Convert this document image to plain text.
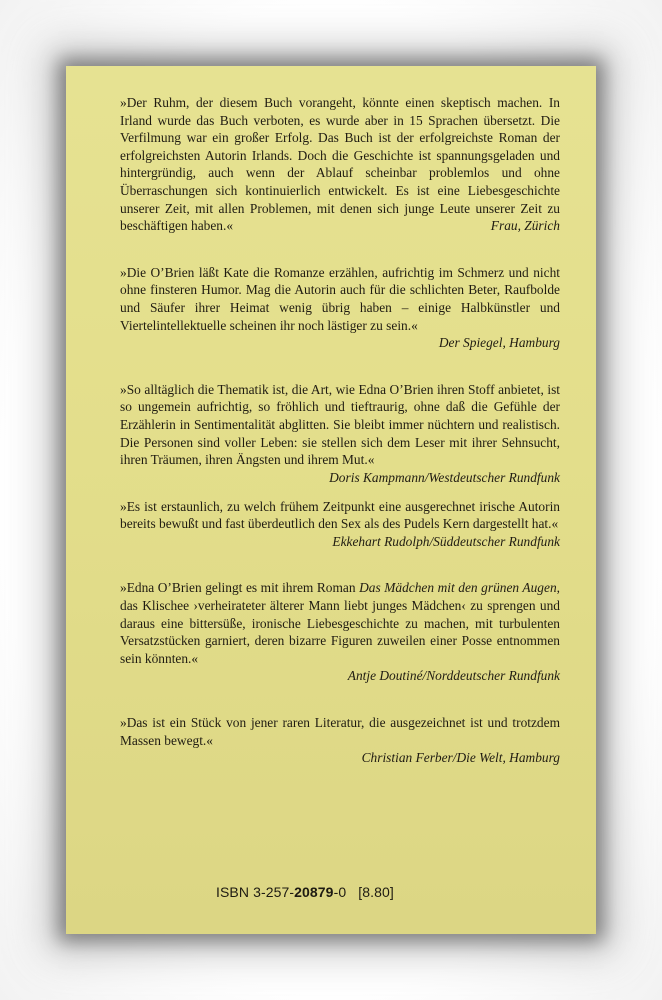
»Der Ruhm, der diesem Buch vorangeht, könnte einen skeptisch machen. In Irland wurde das Buch verboten, es wurde aber in 15 Sprachen übersetzt. Die Verfilmung war ein großer Erfolg. Das Buch ist der erfolgreichste Roman der erfolgreichsten Autorin Irlands. Doch die Geschichte ist spannungsgeladen und hintergründig, auch wenn der Ablauf scheinbar problemlos und ohne Überraschungen sich kontinuierlich entwickelt. Es ist eine Liebesgeschichte unserer Zeit, mit allen Problemen, mit denen sich junge Leute unserer Zeit zu beschäftigen haben.«	Frau, Zürich

»Die O’Brien läßt Kate die Romanze erzählen, aufrichtig im Schmerz und nicht ohne finsteren Humor. Mag die Autorin auch für die schlichten Beter, Raufbolde und Säufer ihrer Heimat wenig übrig haben – einige Halbkünstler und Viertelintellektuelle scheinen ihr noch lästiger zu sein.«
Der Spiegel, Hamburg

»So alltäglich die Thematik ist, die Art, wie Edna O’Brien ihren Stoff anbietet, ist so ungemein aufrichtig, so fröhlich und tieftraurig, ohne daß die Gefühle der Erzählerin in Sentimentalität abglitten. Sie bleibt immer nüchtern und realistisch. Die Personen sind voller Leben: sie stellen sich dem Leser mit ihrer Sehnsucht, ihren Träumen, ihren Ängsten und ihrem Mut.«
Doris Kampmann/Westdeutscher Rundfunk

»Es ist erstaunlich, zu welch frühem Zeitpunkt eine ausgerechnet irische Autorin bereits bewußt und fast überdeutlich den Sex als des Pudels Kern dargestellt hat.«
Ekkehart Rudolph/Süddeutscher Rundfunk

»Edna O’Brien gelingt es mit ihrem Roman Das Mädchen mit den grünen Augen, das Klischee ›verheirateter älterer Mann liebt junges Mädchen‹ zu sprengen und daraus eine bittersüße, ironische Liebesgeschichte zu machen, mit turbulenten Versatzstücken garniert, deren bizarre Figuren zuweilen einer Posse entnommen sein könnten.«
Antje Doutiné/Norddeutscher Rundfunk

»Das ist ein Stück von jener raren Literatur, die ausgezeichnet ist und trotzdem Massen bewegt.«
Christian Ferber/Die Welt, Hamburg

ISBN 3-257-20879-0 [8.80]
